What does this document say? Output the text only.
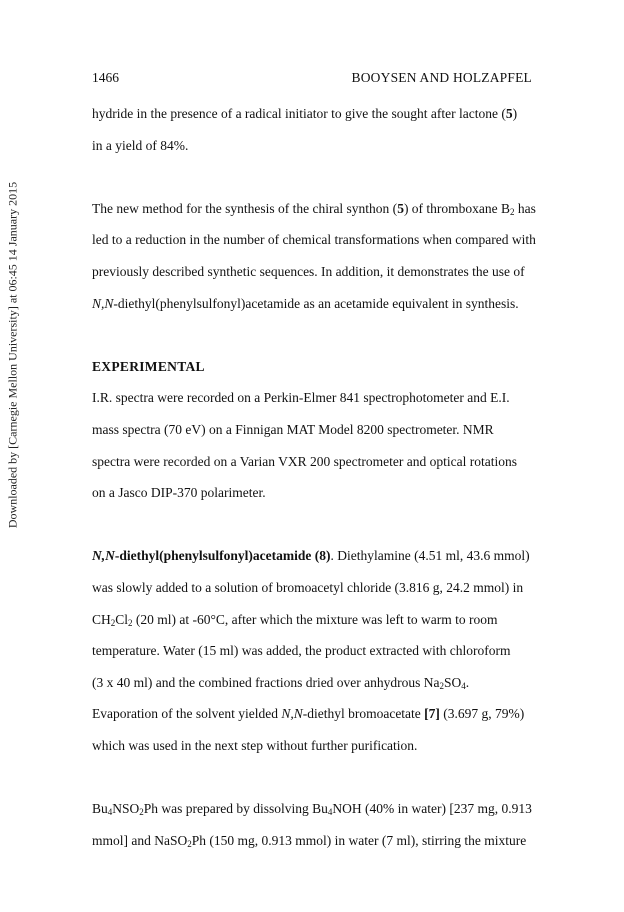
1466	BOOYSEN AND HOLZAPFEL
Downloaded by [Carnegie Mellon University] at 06:45 14 January 2015
hydride in the presence of a radical initiator to give the sought after lactone (5)
in a yield of 84%.
The new method for the synthesis of the chiral synthon (5) of thromboxane $B_2$ has
led to a reduction in the number of chemical transformations when compared with
previously described synthetic sequences. In addition, it demonstrates the use of
N,N-diethyl(phenylsulfonyl)acetamide as an acetamide equivalent in synthesis.
EXPERIMENTAL
I.R. spectra were recorded on a Perkin-Elmer 841 spectrophotometer and E.I.
mass spectra (70 eV) on a Finnigan MAT Model 8200 spectrometer. NMR
spectra were recorded on a Varian VXR 200 spectrometer and optical rotations
on a Jasco DIP-370 polarimeter.
N,N-diethyl(phenylsulfonyl)acetamide (8). Diethylamine (4.51 ml, 43.6 mmol)
was slowly added to a solution of bromoacetyl chloride (3.816 g, 24.2 mmol) in
$CH_2Cl_2$ (20 ml) at -60°C, after which the mixture was left to warm to room
temperature. Water (15 ml) was added, the product extracted with chloroform
(3 x 40 ml) and the combined fractions dried over anhydrous $Na_2SO_4$.
Evaporation of the solvent yielded N,N-diethyl bromoacetate [7] (3.697 g, 79%)
which was used in the next step without further purification.
$Bu_4NSO_2Ph$ was prepared by dissolving $Bu_4NOH$ (40% in water) [237 mg, 0.913
mmol] and NaSO$_2$Ph (150 mg, 0.913 mmol) in water (7 ml), stirring the mixture
